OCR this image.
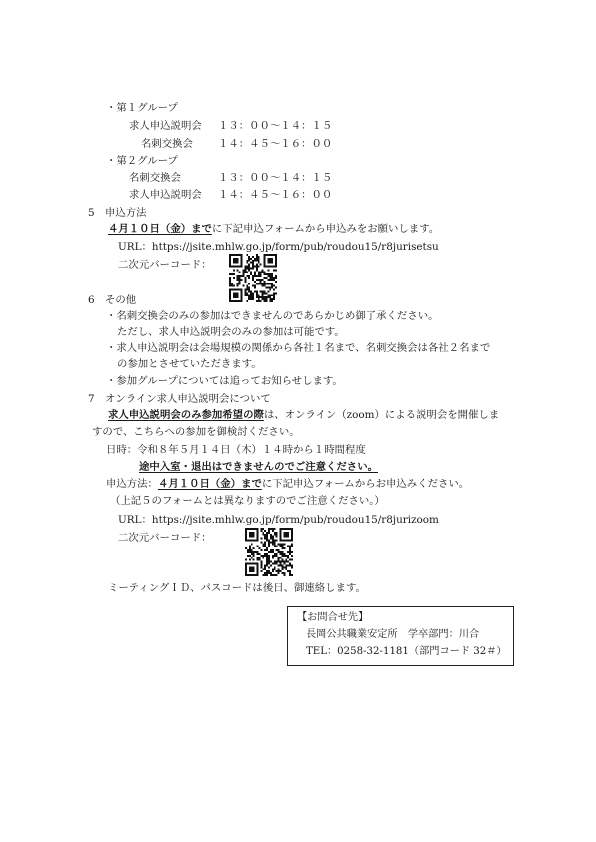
・第１グループ
求人申込説明会 １３：００〜１４：１５
名刺交換会 １４：４５〜１６：００
・第２グループ
名刺交換会	１３：００〜１４：１５
求人申込説明会 １４：４５〜１６：００
5　申込方法
４月１０日（金）までに下記申込フォームから申込みをお願いします。
URL：https://jsite.mhlw.go.jp/form/pub/roudou15/r8jurisetsu
二次元バーコード：
6　その他
・名刺交換会のみの参加はできませんのであらかじめ御了承ください。
ただし、求人申込説明会のみの参加は可能です。
・求人申込説明会は会場規模の関係から各社１名まで、名刺交換会は各社２名まで
の参加とさせていただきます。
・参加グループについては追ってお知らせします。
7　オンライン求人申込説明会について
求人申込説明会のみ参加希望の際は、オンライン（zoom）による説明会を開催しま
すので、こちらへの参加を御検討ください。
日時：令和８年５月１４日（木）１４時から１時間程度
途中入室・退出はできませんのでご注意ください。
申込方法：４月１０日（金）までに下記申込フォームからお申込みください。
（上記５のフォームとは異なりますのでご注意ください。）
URL：https://jsite.mhlw.go.jp/form/pub/roudou15/r8jurizoom
二次元バーコード：
ミーティングＩＤ、パスコードは後日、御連絡します。
【お問合せ先】
長岡公共職業安定所　学卒部門：川合
TEL：0258-32-1181（部門コード 32＃）
